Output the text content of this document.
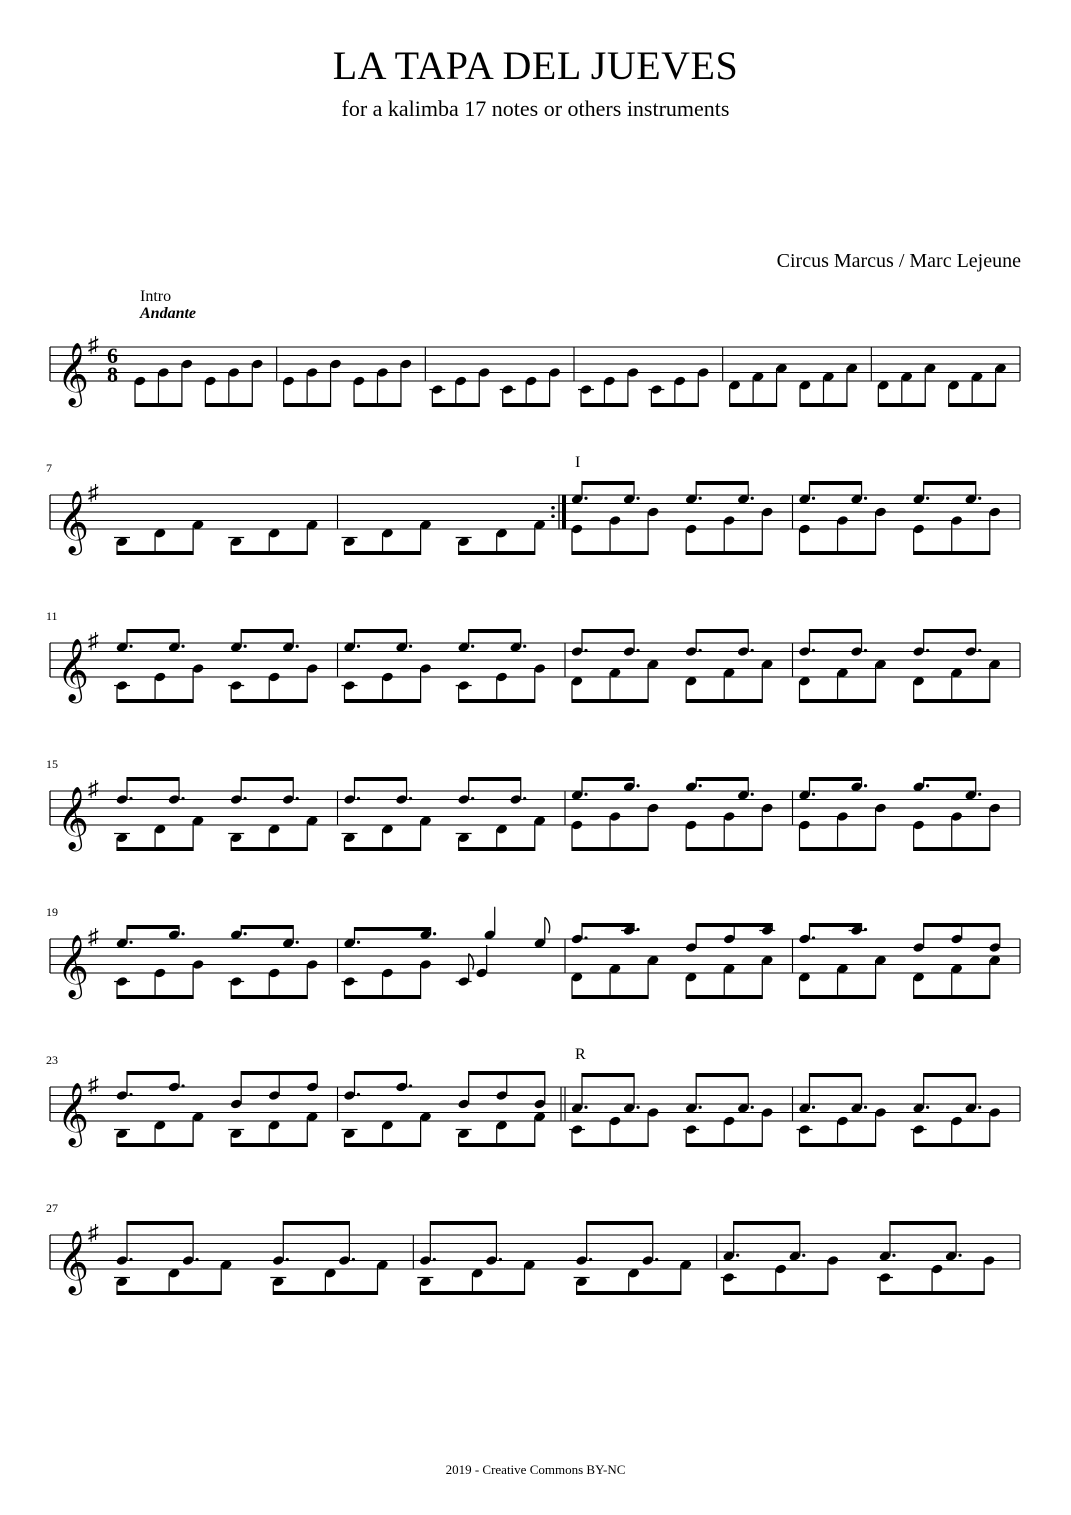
LA TAPA DEL JUEVES
for a kalimba 17 notes or others instruments
Circus Marcus / Marc Lejeune
6
8
Intro
Andante
𝄞 ♯
7	I
𝄞 ♯
11
𝄞 ♯
15
𝄞 ♯
19
𝄞 ♯
23	R
𝄞 ♯
27
𝄞 ♯
2019 - Creative Commons BY-NC
